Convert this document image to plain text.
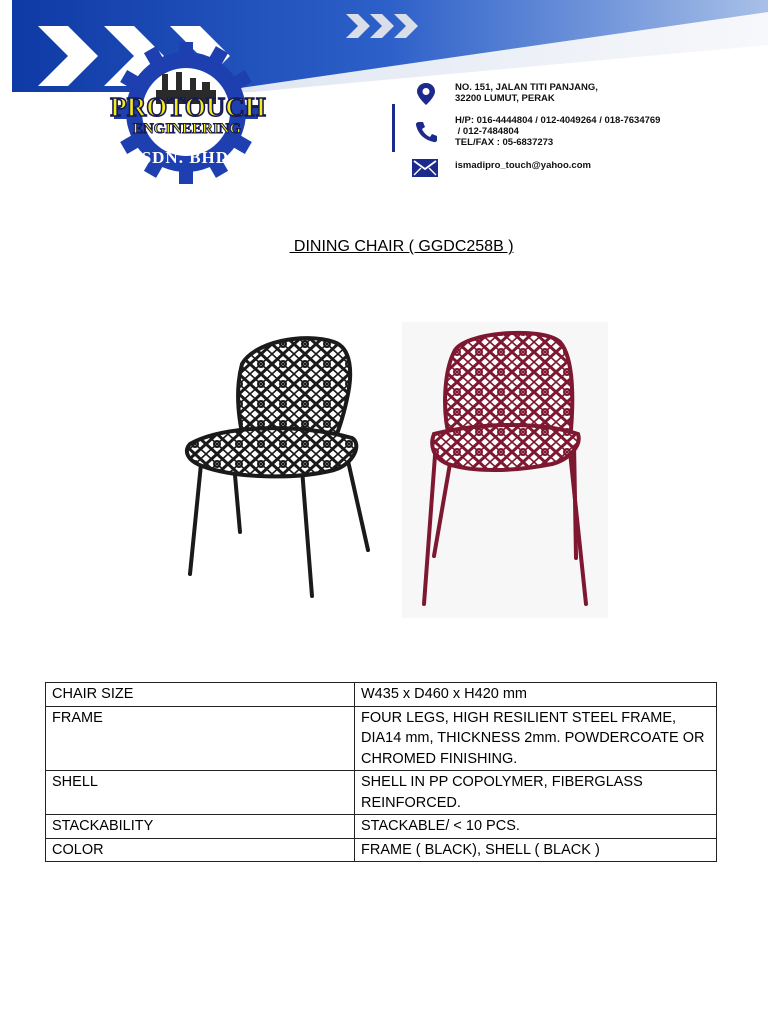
PROTOUCH
ENGINEERING
SDN. BHD.
NO. 151, JALAN TITI PANJANG,
32200 LUMUT, PERAK
H/P: 016-4444804 / 012-4049264 / 018-7634769
/ 012-7484804
TEL/FAX : 05-6837273
ismadipro_touch@yahoo.com
DINING CHAIR ( GGDC258B )
CHAIR SIZE	W435 x D460 x H420 mm
FRAME	FOUR LEGS, HIGH RESILIENT STEEL FRAME, DIA14 mm, THICKNESS 2mm. POWDERCOATE OR CHROMED FINISHING.
SHELL	SHELL IN PP COPOLYMER, FIBERGLASS REINFORCED.
STACKABILITY	STACKABLE/ < 10 PCS.
COLOR	FRAME ( BLACK), SHELL ( BLACK )
